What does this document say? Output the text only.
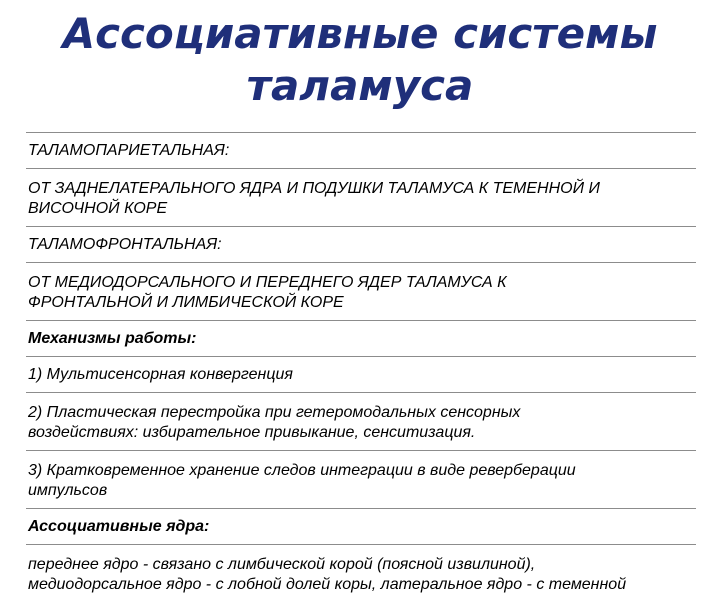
Ассоциативные системы
таламуса
ТАЛАМОПАРИЕТАЛЬНАЯ:
ОТ ЗАДНЕЛАТЕРАЛЬНОГО ЯДРА И ПОДУШКИ ТАЛАМУСА К ТЕМЕННОЙ И
ВИСОЧНОЙ КОРЕ
ТАЛАМОФРОНТАЛЬНАЯ:
ОТ МЕДИОДОРСАЛЬНОГО И ПЕРЕДНЕГО ЯДЕР ТАЛАМУСА К
ФРОНТАЛЬНОЙ И ЛИМБИЧЕСКОЙ КОРЕ
Механизмы работы:
1) Мультисенсорная конвергенция
2) Пластическая перестройка при гетеромодальных сенсорных
воздействиях: избирательное привыкание, сенситизация.
3) Кратковременное хранение следов интеграции в виде реверберации
импульсов
Ассоциативные ядра:
переднее ядро - связано с лимбической корой (поясной извилиной),
медиодорсальное ядро - с лобной долей коры, латеральное ядро - с теменной
